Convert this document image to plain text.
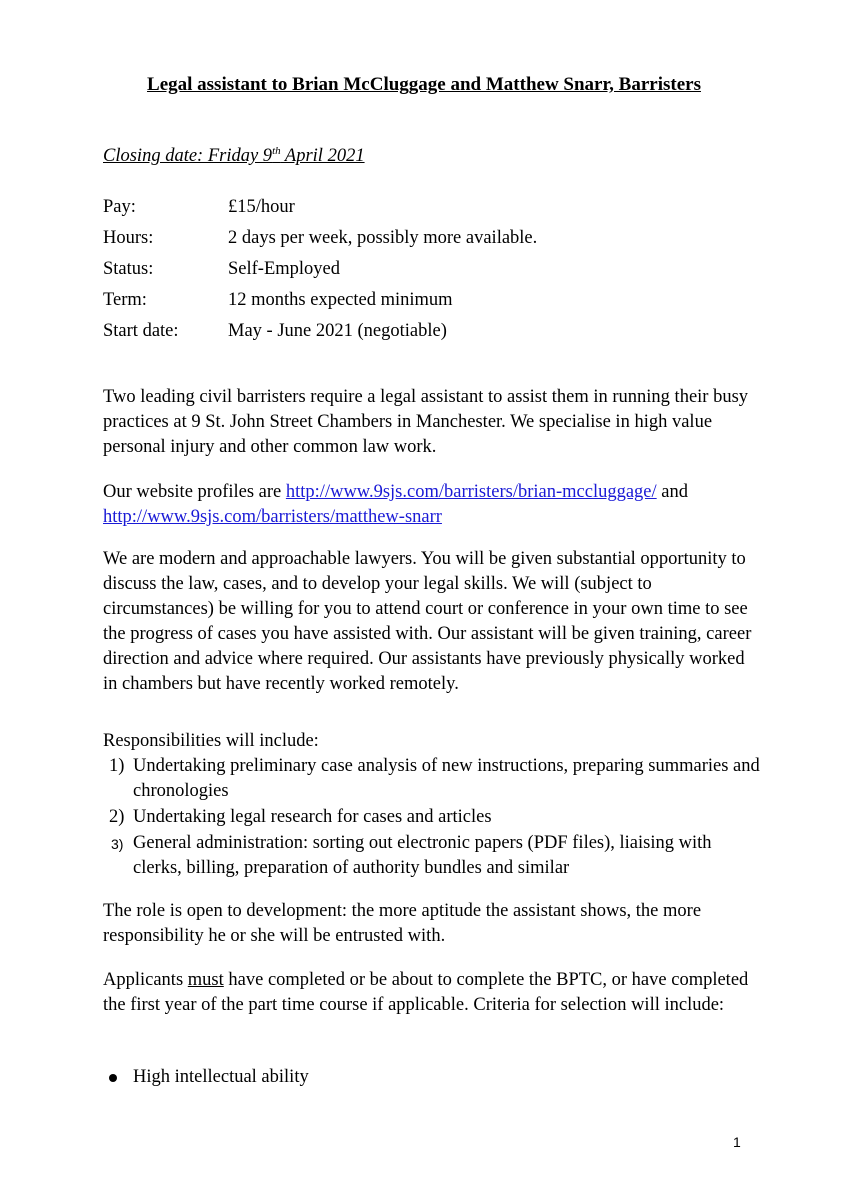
Legal assistant to Brian McCluggage and Matthew Snarr, Barristers
Closing date: Friday 9th April 2021
Pay:	£15/hour
Hours:	2 days per week, possibly more available.
Status:	Self-Employed
Term:	12 months expected minimum
Start date:	May - June 2021 (negotiable)
Two leading civil barristers require a legal assistant to assist them in running their busy practices at 9 St. John Street Chambers in Manchester. We specialise in high value personal injury and other common law work.
Our website profiles are http://www.9sjs.com/barristers/brian-mccluggage/ and
http://www.9sjs.com/barristers/matthew-snarr
We are modern and approachable lawyers. You will be given substantial opportunity to discuss the law, cases, and to develop your legal skills. We will (subject to circumstances) be willing for you to attend court or conference in your own time to see the progress of cases you have assisted with. Our assistant will be given training, career direction and advice where required. Our assistants have previously physically worked in chambers but have recently worked remotely.
Responsibilities will include:
1) Undertaking preliminary case analysis of new instructions, preparing summaries and chronologies
2) Undertaking legal research for cases and articles
3) General administration: sorting out electronic papers (PDF files), liaising with clerks, billing, preparation of authority bundles and similar
The role is open to development: the more aptitude the assistant shows, the more responsibility he or she will be entrusted with.
Applicants must have completed or be about to complete the BPTC, or have completed the first year of the part time course if applicable. Criteria for selection will include:
High intellectual ability
1
